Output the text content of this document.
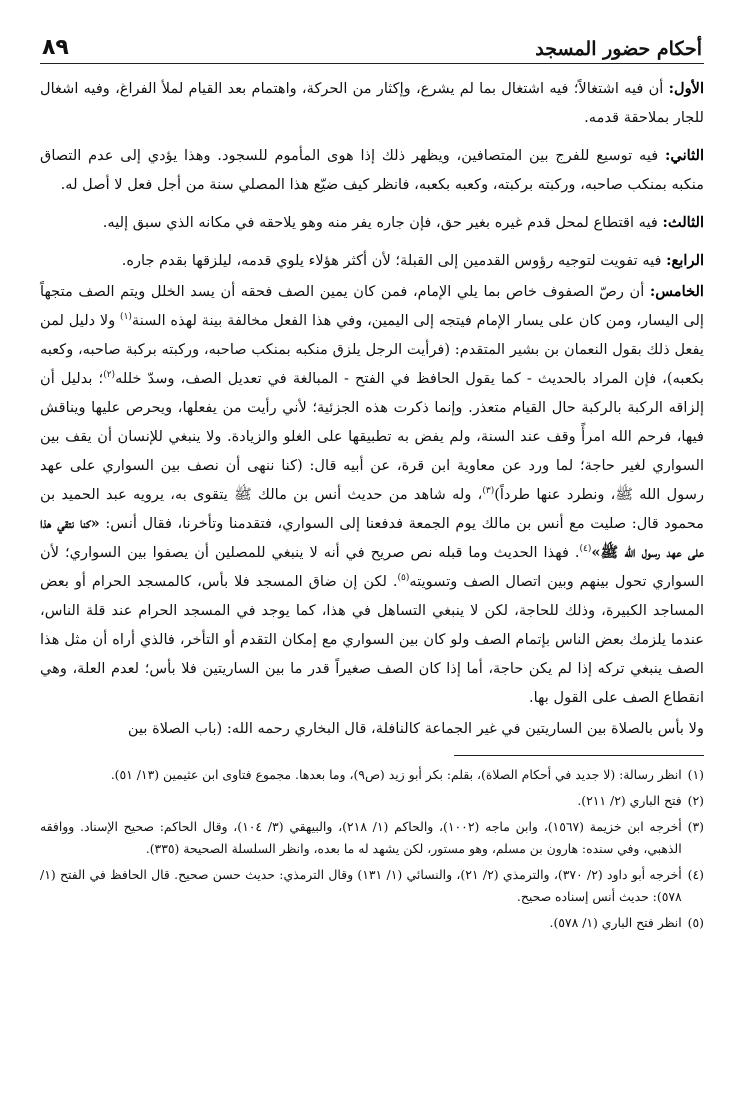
أحكام حضور المسجد
٨٩

الأول: أن فيه اشتغالاً؛ فيه اشتغال بما لم يشرع، وإكثار من الحركة، واهتمام بعد القيام لملأ الفراغ، وفيه اشغال للجار بملاحقة قدمه.

الثاني: فيه توسيع للفرج بين المتصافين، ويظهر ذلك إذا هوى المأموم للسجود. وهذا يؤدي إلى عدم التصاق منكبه بمنكب صاحبه، وركبته بركبته، وكعبه بكعبه، فانظر كيف ضيّع هذا المصلي سنة من أجل فعل لا أصل له.

الثالث: فيه اقتطاع لمحل قدم غيره بغير حق، فإن جاره يفر منه وهو يلاحقه في مكانه الذي سبق إليه.

الرابع: فيه تفويت لتوجيه رؤوس القدمين إلى القبلة؛ لأن أكثر هؤلاء يلوي قدمه، ليلزقها بقدم جاره.

الخامس: أن رصّ الصفوف خاص بما يلي الإمام، فمن كان يمين الصف فحقه أن يسد الخلل ويتم الصف متجهاً إلى اليسار، ومن كان على يسار الإمام فيتجه إلى اليمين، وفي هذا الفعل مخالفة بينة لهذه السنة$^{(١)}$ ولا دليل لمن يفعل ذلك بقول النعمان بن بشير المتقدم: (فرأيت الرجل يلزق منكبه بمنكب صاحبه، وركبته بركبة صاحبه، وكعبه بكعبه)، فإن المراد بالحديث - كما يقول الحافظ في الفتح - المبالغة في تعديل الصف، وسدّ خلله$^{(٢)}$؛ بدليل أن إلزاقه الركبة بالركبة حال القيام متعذر. وإنما ذكرت هذه الجزئية؛ لأني رأيت من يفعلها، ويحرص عليها ويناقش فيها، فرحم الله امرأً وقف عند السنة، ولم يفض به تطبيقها على الغلو والزيادة. ولا ينبغي للإنسان أن يقف بين السواري لغير حاجة؛ لما ورد عن معاوية ابن قرة، عن أبيه قال: (كنا ننهى أن نصف بين السواري على عهد رسول الله ﷺ، ونطرد عنها طرداً)$^{(٣)}$، وله شاهد من حديث أنس بن مالك ﷺ يتقوى به، يرويه عبد الحميد بن محمود قال: صليت مع أنس بن مالك يوم الجمعة فدفعنا إلى السواري، فتقدمنا وتأخرنا، فقال أنس: «كنا نتقي هذا على عهد رسول الله ﷺ»$^{(٤)}$. فهذا الحديث وما قبله نص صريح في أنه لا ينبغي للمصلين أن يصفوا بين السواري؛ لأن السواري تحول بينهم وبين اتصال الصف وتسويته$^{(٥)}$. لكن إن ضاق المسجد فلا بأس، كالمسجد الحرام أو بعض المساجد الكبيرة، وذلك للحاجة، لكن لا ينبغي التساهل في هذا، كما يوجد في المسجد الحرام عند قلة الناس، عندما يلزمك بعض الناس بإتمام الصف ولو كان بين السواري مع إمكان التقدم أو التأخر، فالذي أراه أن مثل هذا الصف ينبغي تركه إذا لم يكن حاجة، أما إذا كان الصف صغيراً قدر ما بين الساريتين فلا بأس؛ لعدم العلة، وهي انقطاع الصف على القول بها.

ولا بأس بالصلاة بين الساريتين في غير الجماعة كالنافلة، قال البخاري رحمه الله: (باب الصلاة بين

(١)
انظر رسالة: (لا جديد في أحكام الصلاة)، بقلم: بكر أبو زيد (ص٩)، وما بعدها. مجموع فتاوى ابن عثيمين (١٣/ ٥١).
(٢)
فتح الباري (٢/ ٢١١).
(٣)
أخرجه ابن خزيمة (١٥٦٧)، وابن ماجه (١٠٠٢)، والحاكم (١/ ٢١٨)، والبيهقي (٣/ ١٠٤)، وقال الحاكم: صحيح الإسناد. ووافقه الذهبي، وفي سنده: هارون بن مسلم، وهو مستور، لكن يشهد له ما بعده، وانظر السلسلة الصحيحة (٣٣٥).
(٤)
أخرجه أبو داود (٢/ ٣٧٠)، والترمذي (٢/ ٢١)، والنسائي (١/ ١٣١) وقال الترمذي: حديث حسن صحيح. قال الحافظ في الفتح (١/ ٥٧٨): حديث أنس إسناده صحيح.
(٥)
انظر فتح الباري (١/ ٥٧٨).
